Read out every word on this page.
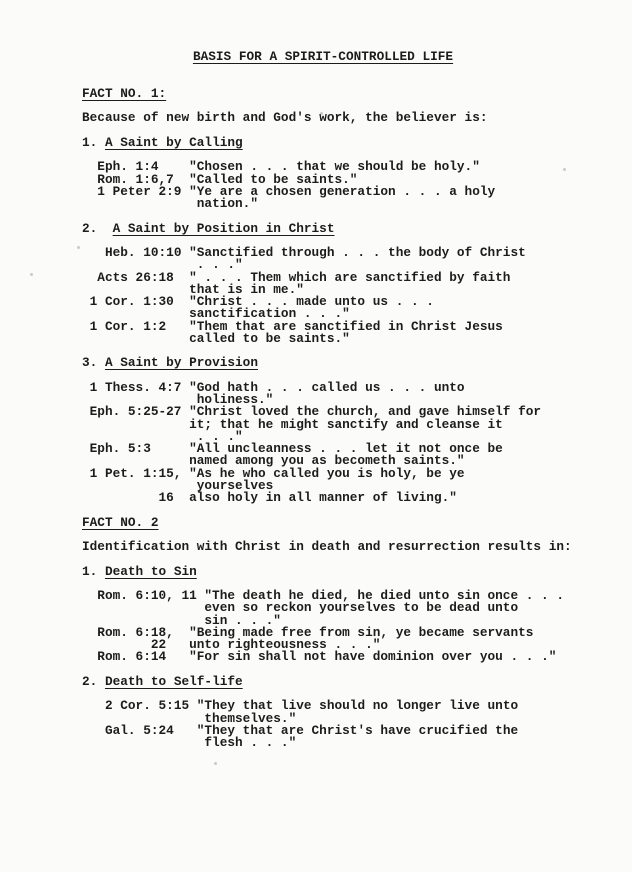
BASIS FOR A SPIRIT-CONTROLLED LIFE
FACT NO. 1:
Because of new birth and God's work, the believer is:
1. A Saint by Calling
Eph. 1:4 "Chosen . . . that we should be holy."
Rom. 1:6,7 "Called to be saints."
1 Peter 2:9 "Ye are a chosen generation . . . a holy
nation."
2. A Saint by Position in Christ
Heb. 10:10 "Sanctified through . . . the body of Christ
. . ."
Acts 26:18 " . . . Them which are sanctified by faith
that is in me."
1 Cor. 1:30 "Christ . . . made unto us . . .
sanctification . . ."
1 Cor. 1:2 "Them that are sanctified in Christ Jesus
called to be saints."
3. A Saint by Provision
1 Thess. 4:7 "God hath . . . called us . . . unto
holiness."
Eph. 5:25-27 "Christ loved the church, and gave himself for
it; that he might sanctify and cleanse it
. . ."
Eph. 5:3	"All uncleanness . . . let it not once be
named among you as becometh saints."
1 Pet. 1:15, "As he who called you is holy, be ye
yourselves
16 also holy in all manner of living."
FACT NO. 2
Identification with Christ in death and resurrection results in:
1. Death to Sin
Rom. 6:10, 11 "The death he died, he died unto sin once . . .
even so reckon yourselves to be dead unto
sin . . ."
Rom. 6:18, "Being made free from sin, ye became servants
22 unto righteousness . . ."
Rom. 6:14 "For sin shall not have dominion over you . . ."
2. Death to Self-life
2 Cor. 5:15 "They that live should no longer live unto
themselves."
Gal. 5:24 "They that are Christ's have crucified the
flesh . . ."
